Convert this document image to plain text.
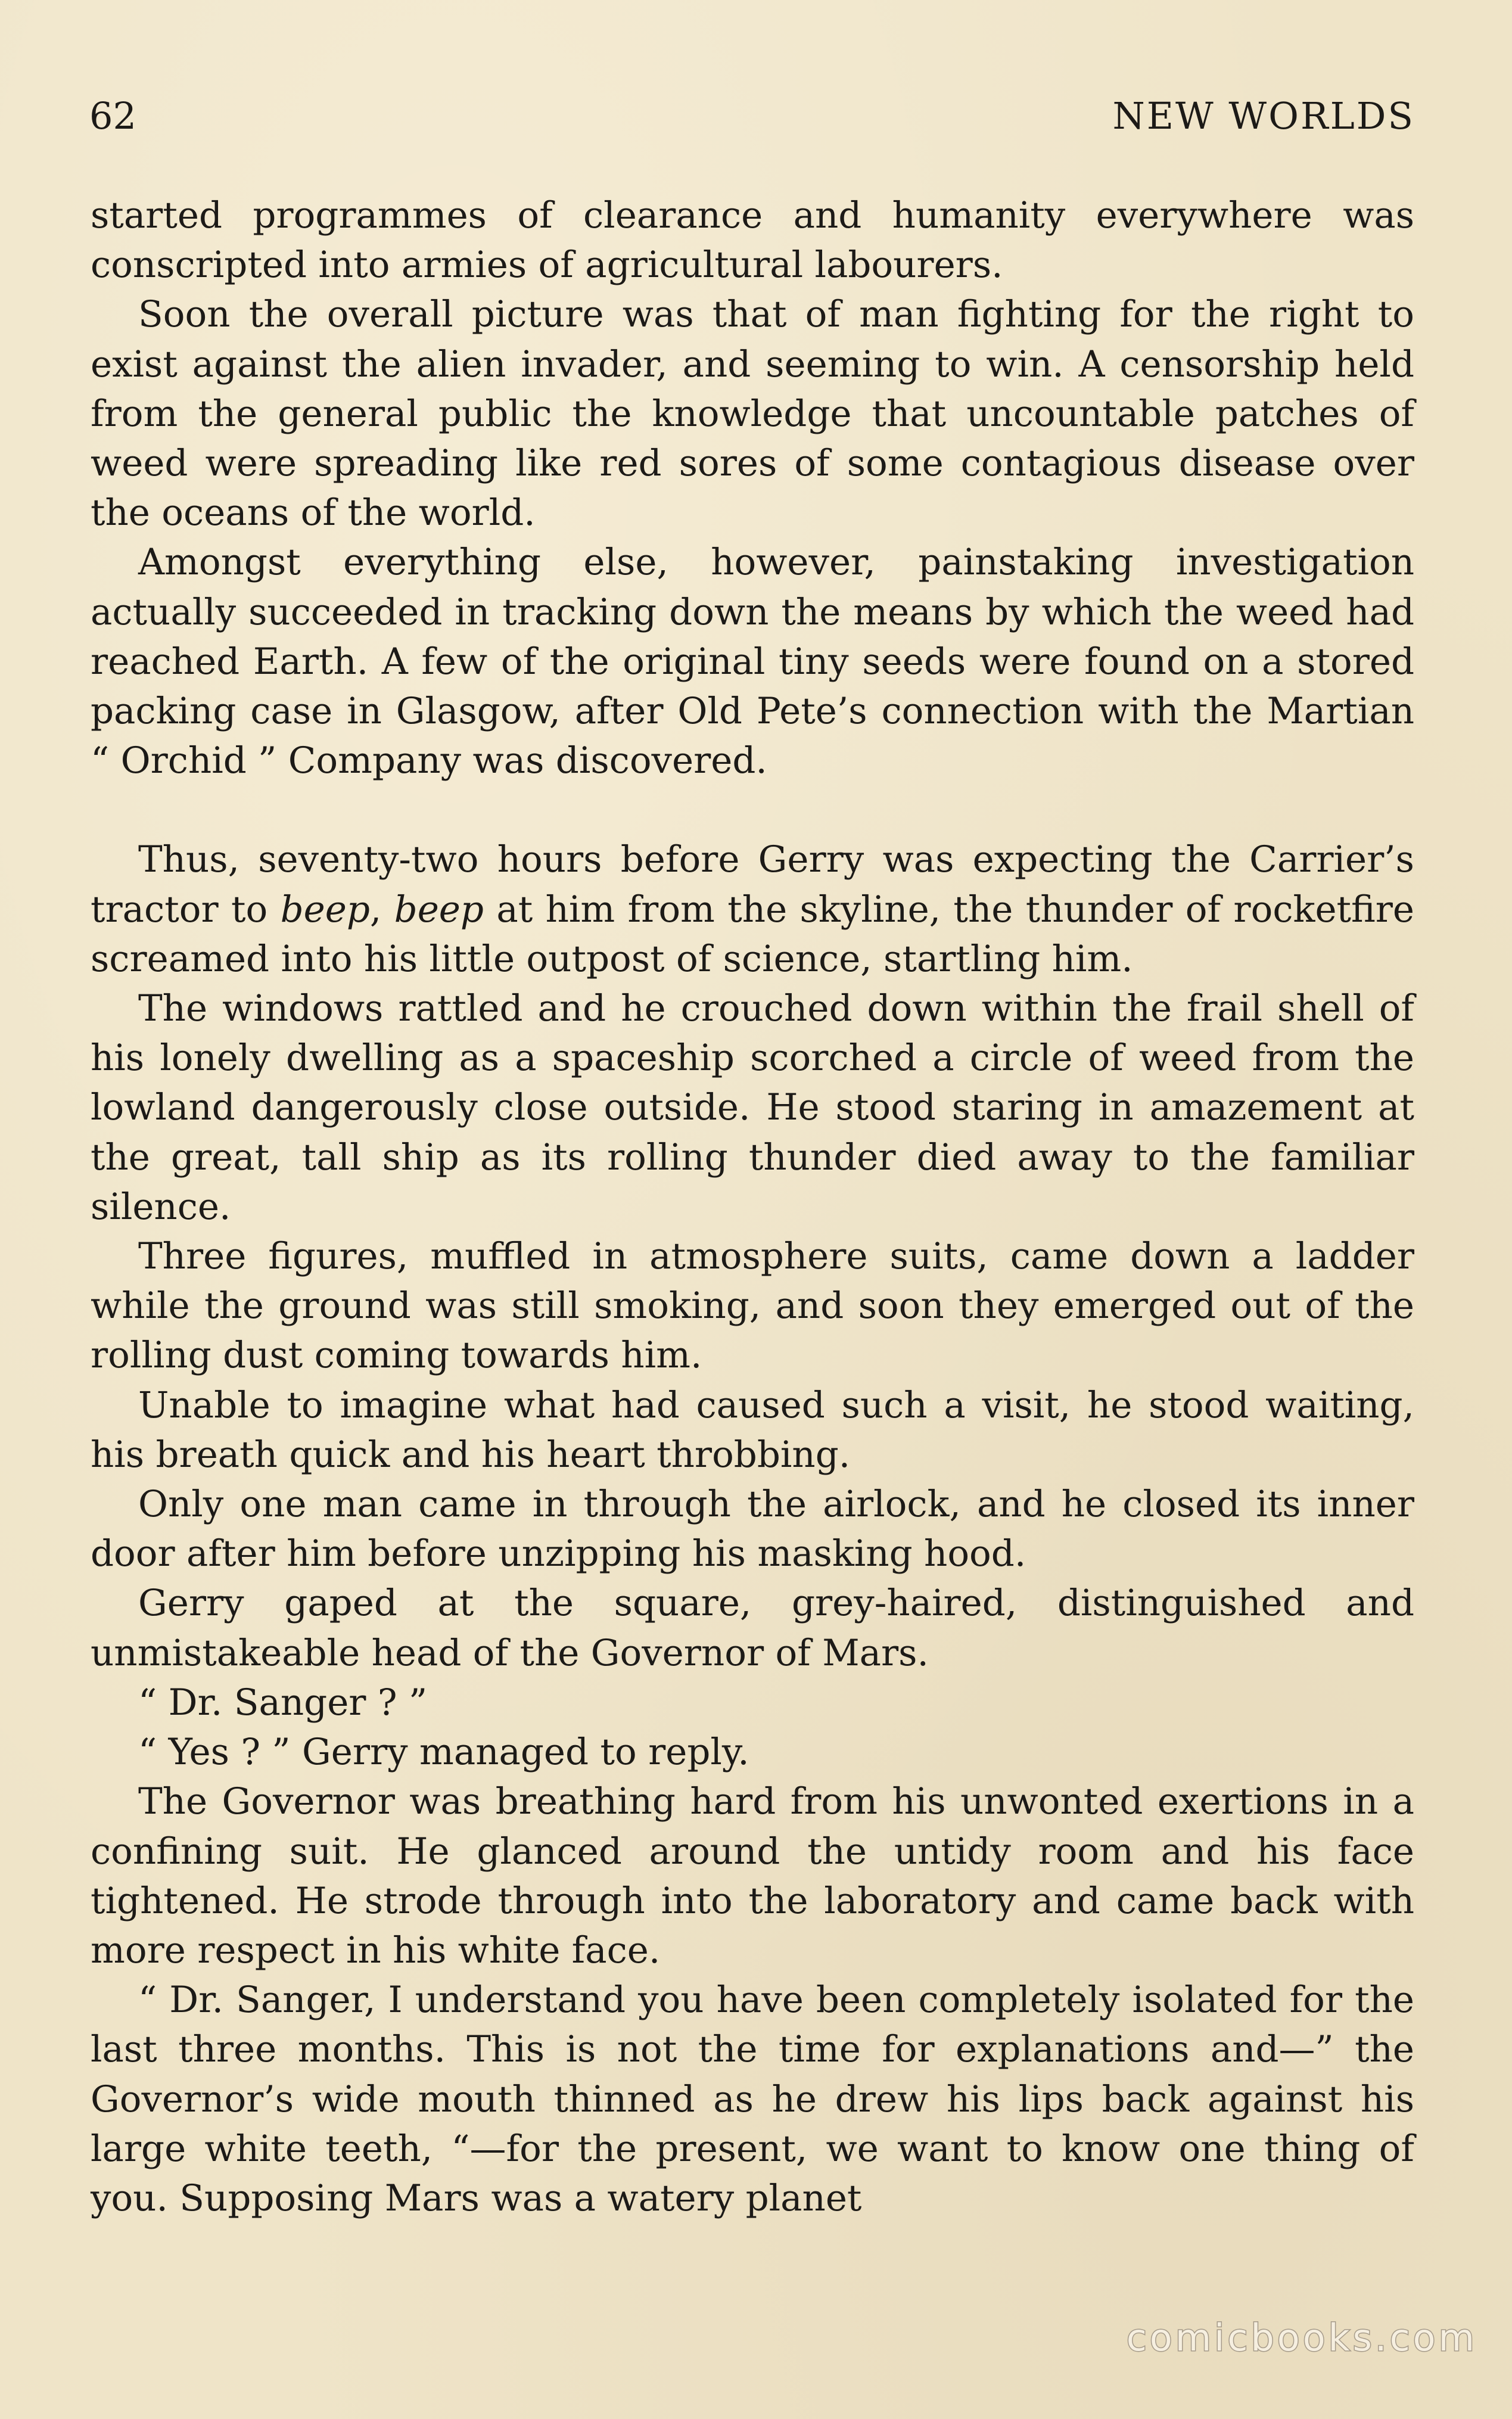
62	NEW WORLDS

started programmes of clearance and humanity everywhere was conscripted into armies of agricultural labourers.

Soon the overall picture was that of man fighting for the right to exist against the alien invader, and seeming to win. A censorship held from the general public the knowledge that uncountable patches of weed were spreading like red sores of some contagious disease over the oceans of the world.

Amongst everything else, however, painstaking investigation actually succeeded in tracking down the means by which the weed had reached Earth. A few of the original tiny seeds were found on a stored packing case in Glasgow, after Old Pete’s connection with the Martian “ Orchid ” Company was discovered.

Thus, seventy-two hours before Gerry was expecting the Carrier’s tractor to beep, beep at him from the skyline, the thunder of rocketfire screamed into his little outpost of science, startling him.

The windows rattled and he crouched down within the frail shell of his lonely dwelling as a spaceship scorched a circle of weed from the lowland dangerously close outside. He stood staring in amazement at the great, tall ship as its rolling thunder died away to the familiar silence.

Three figures, muffled in atmosphere suits, came down a ladder while the ground was still smoking, and soon they emerged out of the rolling dust coming towards him.

Unable to imagine what had caused such a visit, he stood waiting, his breath quick and his heart throbbing.

Only one man came in through the airlock, and he closed its inner door after him before unzipping his masking hood.

Gerry gaped at the square, grey-haired, distinguished and unmistakeable head of the Governor of Mars.

“ Dr. Sanger ? ”

“ Yes ? ” Gerry managed to reply.

The Governor was breathing hard from his unwonted exertions in a confining suit. He glanced around the untidy room and his face tightened. He strode through into the laboratory and came back with more respect in his white face.

“ Dr. Sanger, I understand you have been completely isolated for the last three months. This is not the time for explanations and—” the Governor’s wide mouth thinned as he drew his lips back against his large white teeth, “—for the present, we want to know one thing of you. Supposing Mars was a watery planet

comicbooks.com
